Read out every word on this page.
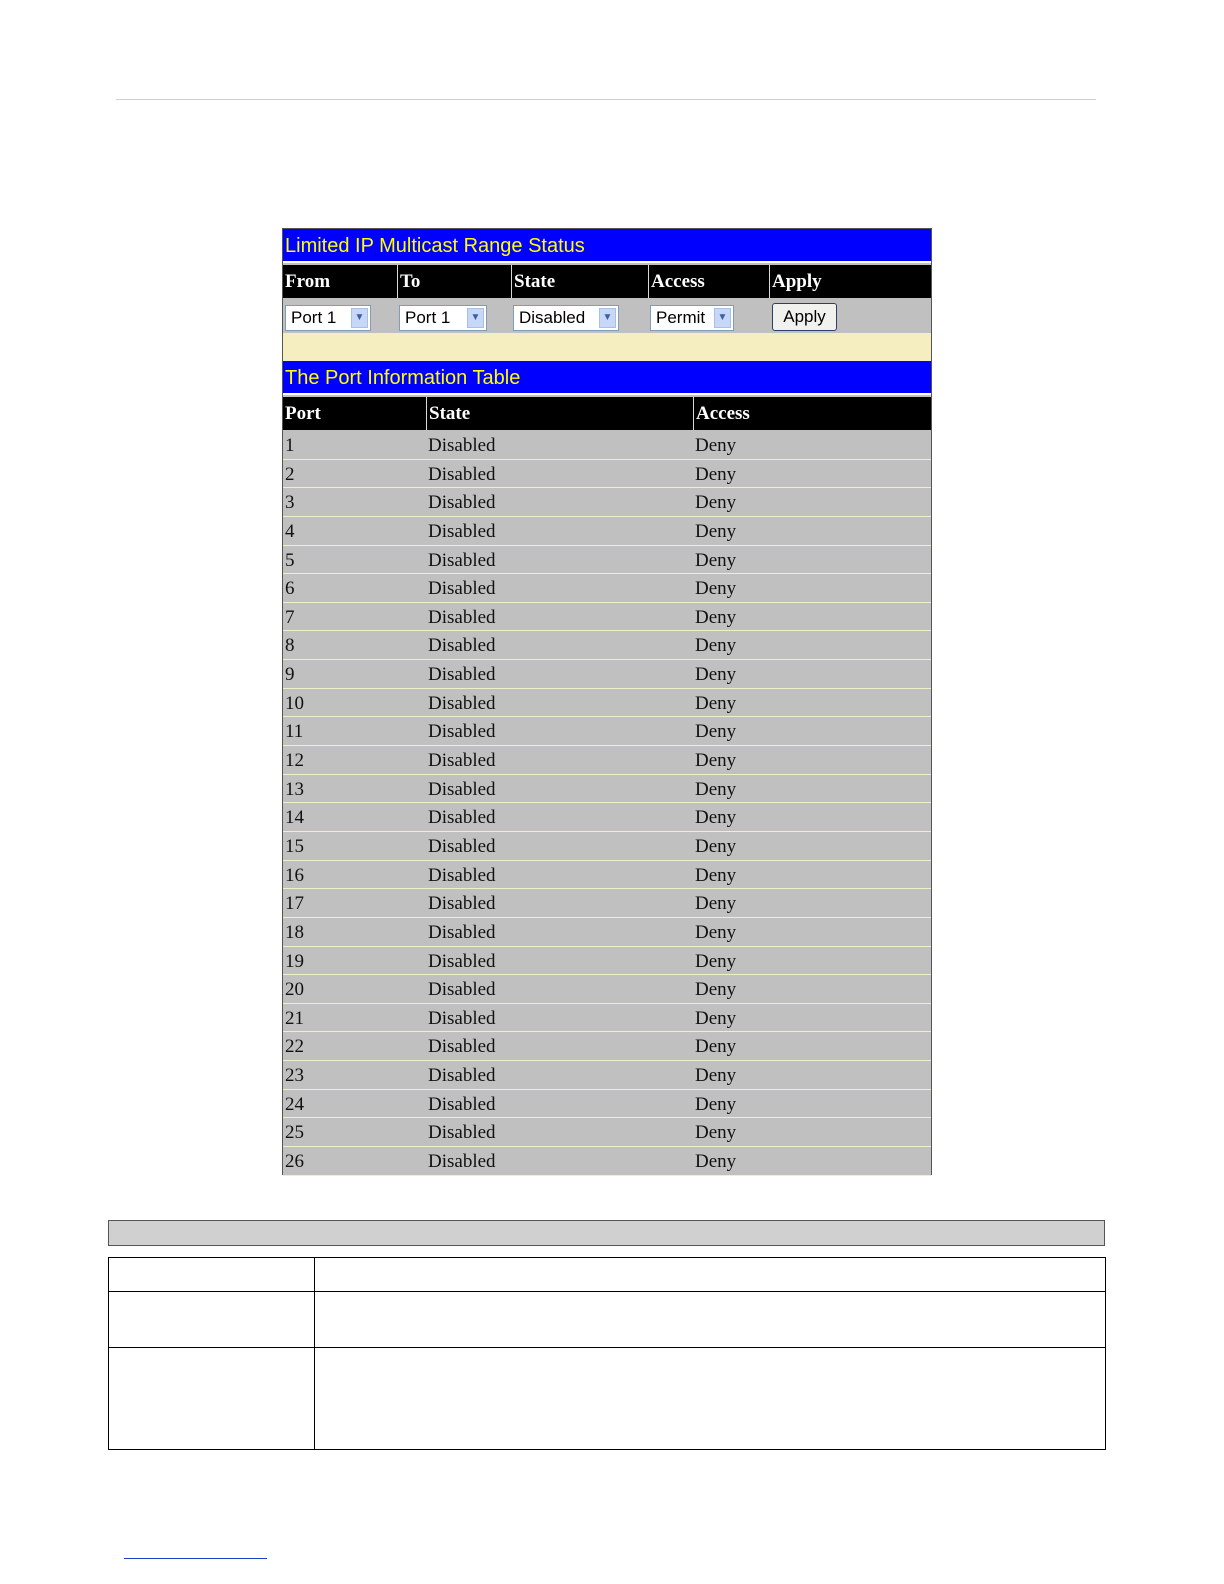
Limited IP Multicast Range Status
From	To	State	Access	Apply
Port 1	▼	Port 1	▼	Disabled	▼	Permit	▼	Apply
The Port Information Table
Port	State	Access
1	Disabled	Deny
2	Disabled	Deny
3	Disabled	Deny
4	Disabled	Deny
5	Disabled	Deny
6	Disabled	Deny
7	Disabled	Deny
8	Disabled	Deny
9	Disabled	Deny
10	Disabled	Deny
11	Disabled	Deny
12	Disabled	Deny
13	Disabled	Deny
14	Disabled	Deny
15	Disabled	Deny
16	Disabled	Deny
17	Disabled	Deny
18	Disabled	Deny
19	Disabled	Deny
20	Disabled	Deny
21	Disabled	Deny
22	Disabled	Deny
23	Disabled	Deny
24	Disabled	Deny
25	Disabled	Deny
26	Disabled	Deny
